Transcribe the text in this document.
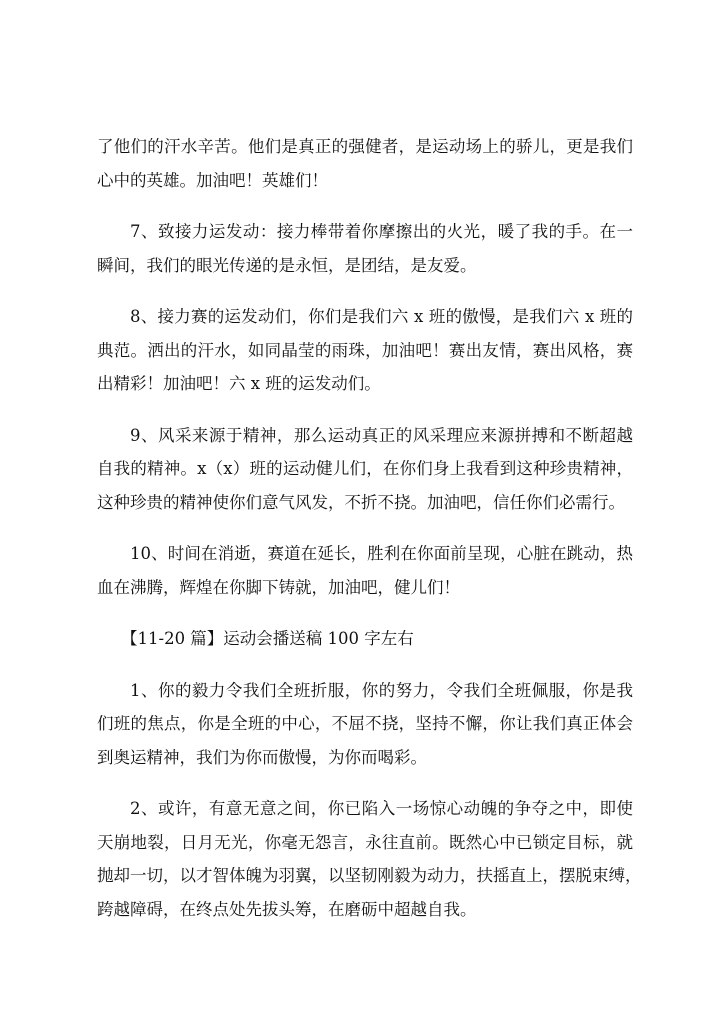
了他们的汗水辛苦。他们是真正的强健者，是运动场上的骄儿，更是我们
心中的英雄。加油吧！英雄们！
7、致接力运发动：接力棒带着你摩擦出的火光，暖了我的手。在一
瞬间，我们的眼光传递的是永恒，是团结，是友爱。
8、接力赛的运发动们，你们是我们六 x 班的傲慢，是我们六 x 班的
典范。洒出的汗水，如同晶莹的雨珠，加油吧！赛出友情，赛出风格，赛
出精彩！加油吧！六 x 班的运发动们。
9、风采来源于精神，那么运动真正的风采理应来源拼搏和不断超越
自我的精神。x（x）班的运动健儿们，在你们身上我看到这种珍贵精神，
这种珍贵的精神使你们意气风发，不折不挠。加油吧，信任你们必需行。
10、时间在消逝，赛道在延长，胜利在你面前呈现，心脏在跳动，热
血在沸腾，辉煌在你脚下铸就，加油吧，健儿们！
【11-20 篇】运动会播送稿 100 字左右
1、你的毅力令我们全班折服，你的努力，令我们全班佩服，你是我
们班的焦点，你是全班的中心，不屈不挠，坚持不懈，你让我们真正体会
到奥运精神，我们为你而傲慢，为你而喝彩。
2、或许，有意无意之间，你已陷入一场惊心动魄的争夺之中，即使
天崩地裂，日月无光，你毫无怨言，永往直前。既然心中已锁定目标，就
抛却一切，以才智体魄为羽翼，以坚韧刚毅为动力，扶摇直上，摆脱束缚，
跨越障碍，在终点处先拔头筹，在磨砺中超越自我。
